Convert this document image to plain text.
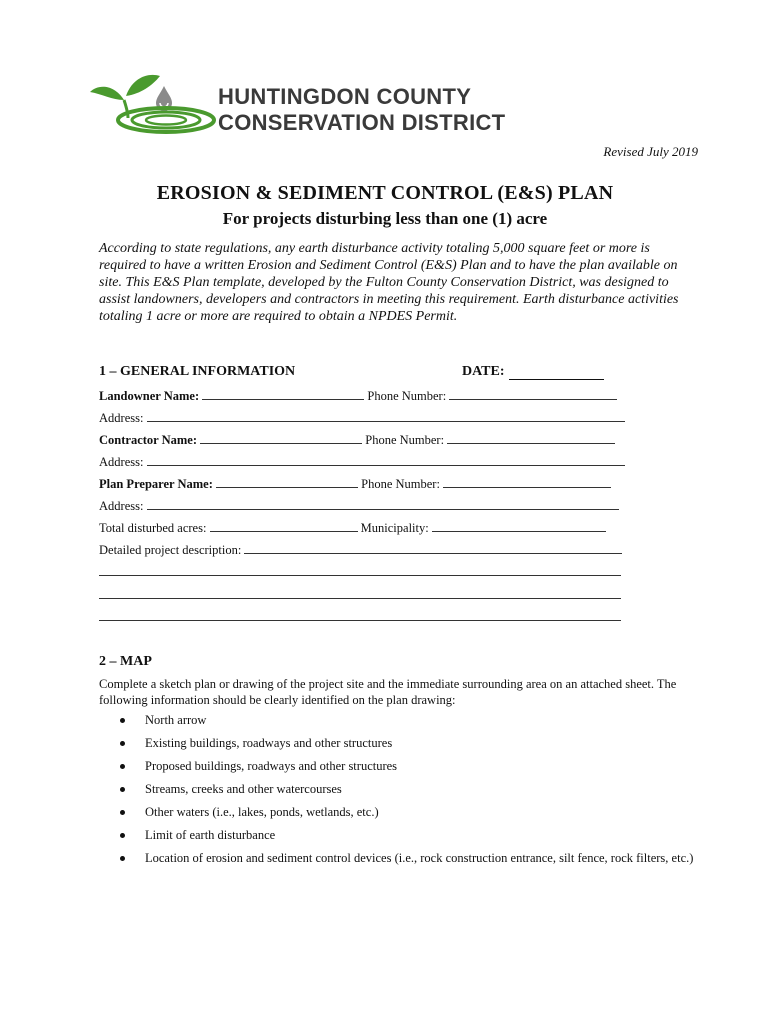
HUNTINGDON COUNTY
CONSERVATION DISTRICT
Revised July 2019
EROSION & SEDIMENT CONTROL (E&S) PLAN
For projects disturbing less than one (1) acre
According to state regulations, any earth disturbance activity totaling 5,000 square feet or more is required to have a written Erosion and Sediment Control (E&S) Plan and to have the plan available on site. This E&S Plan template, developed by the Fulton County Conservation District, was designed to assist landowners, developers and contractors in meeting this requirement. Earth disturbance activities totaling 1 acre or more are required to obtain a NPDES Permit.
1 – GENERAL INFORMATION	DATE:
Landowner Name:	Phone Number:
Address:
Contractor Name:	Phone Number:
Address:
Plan Preparer Name:	Phone Number:
Address:
Total disturbed acres:	Municipality:
Detailed project description:
2 – MAP
Complete a sketch plan or drawing of the project site and the immediate surrounding area on an attached sheet. The following information should be clearly identified on the plan drawing:
North arrow
Existing buildings, roadways and other structures
Proposed buildings, roadways and other structures
Streams, creeks and other watercourses
Other waters (i.e., lakes, ponds, wetlands, etc.)
Limit of earth disturbance
Location of erosion and sediment control devices (i.e., rock construction entrance, silt fence, rock filters, etc.)
